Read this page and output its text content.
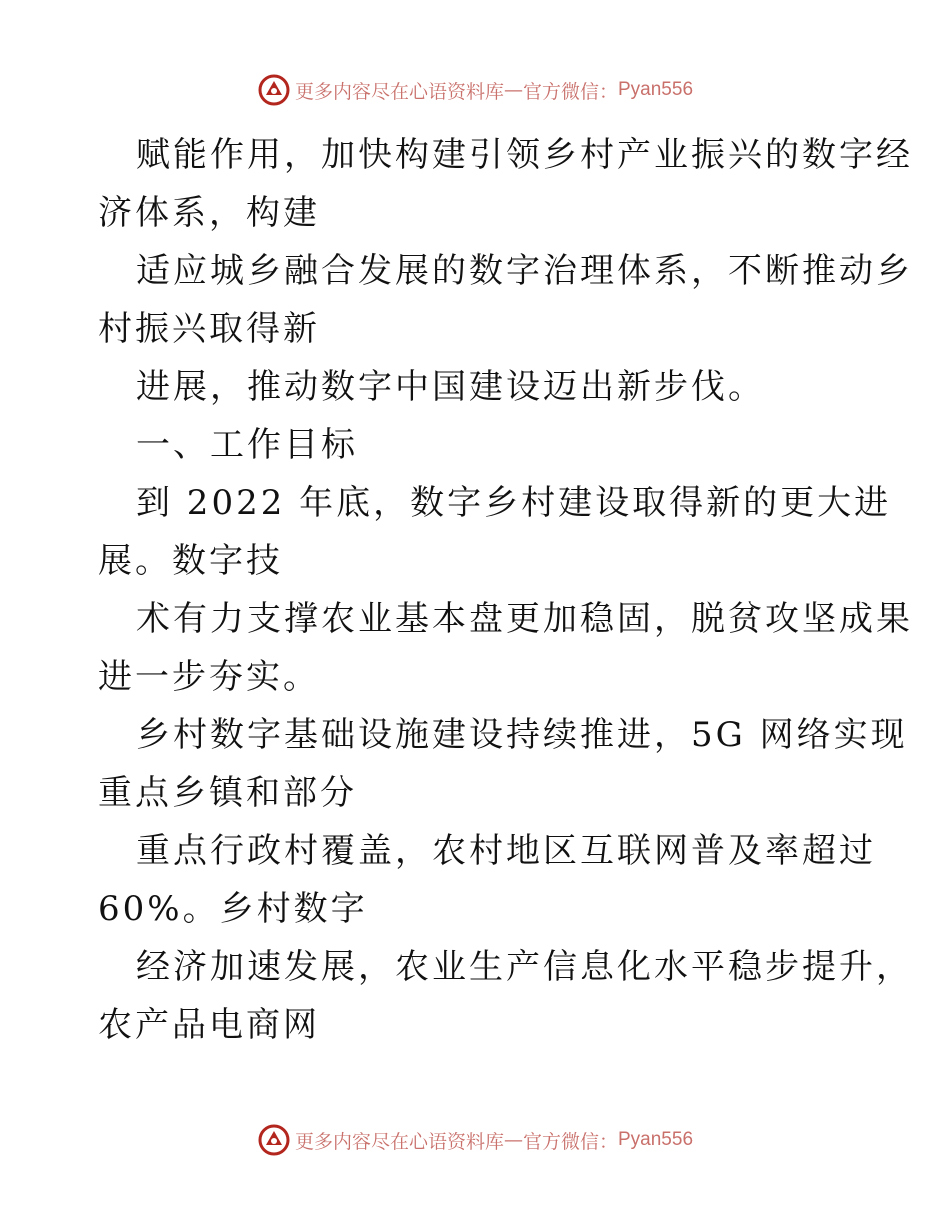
更多内容尽在心语资料库 — 官方微信： Pyan556
赋能作用，加快构建引领乡村产业振兴的数字经
济体系，构建
适应城乡融合发展的数字治理体系，不断推动乡
村振兴取得新
进展，推动数字中国建设迈出新步伐。
一、工作目标
到 2022 年底，数字乡村建设取得新的更大进
展。数字技
术有力支撑农业基本盘更加稳固，脱贫攻坚成果
进一步夯实。
乡村数字基础设施建设持续推进，5G 网络实现
重点乡镇和部分
重点行政村覆盖，农村地区互联网普及率超过
60%。乡村数字
经济加速发展，农业生产信息化水平稳步提升，
农产品电商网
更多内容尽在心语资料库 — 官方微信： Pyan556
